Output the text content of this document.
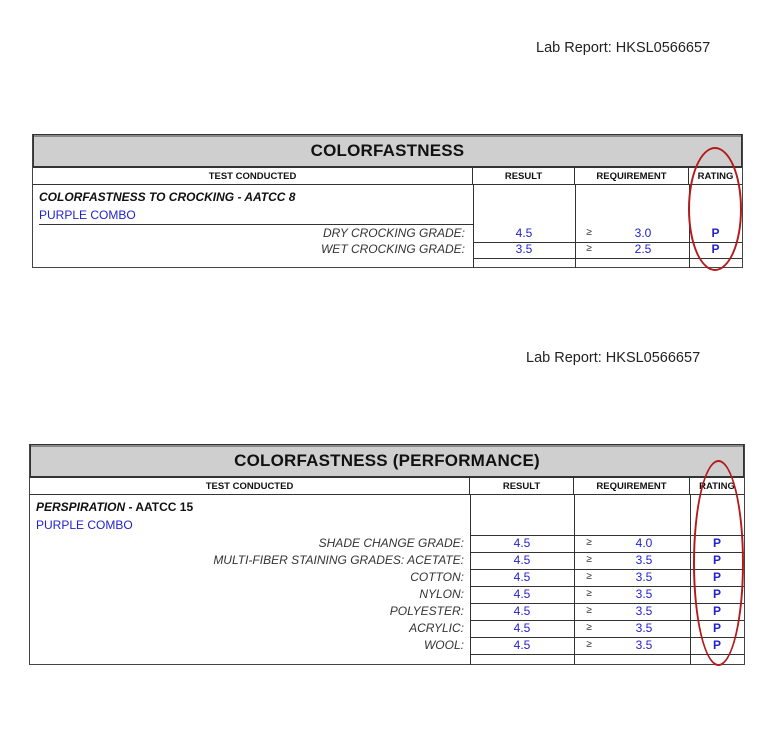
Lab Report: HKSL0566657
COLORFASTNESS
TEST CONDUCTED	RESULT	REQUIREMENT	RATING
COLORFASTNESS TO CROCKING - AATCC 8
PURPLE COMBO
DRY CROCKING GRADE:	4.5	≥	3.0	P
WET CROCKING GRADE:	3.5	≥	2.5	P
Lab Report: HKSL0566657
COLORFASTNESS (PERFORMANCE)
TEST CONDUCTED	RESULT	REQUIREMENT	RATING
PERSPIRATION - AATCC 15
PURPLE COMBO
SHADE CHANGE GRADE:	4.5	≥	4.0	P
MULTI-FIBER STAINING GRADES: ACETATE:	4.5	≥	3.5	P
COTTON:	4.5	≥	3.5	P
NYLON:	4.5	≥	3.5	P
POLYESTER:	4.5	≥	3.5	P
ACRYLIC:	4.5	≥	3.5	P
WOOL:	4.5	≥	3.5	P
